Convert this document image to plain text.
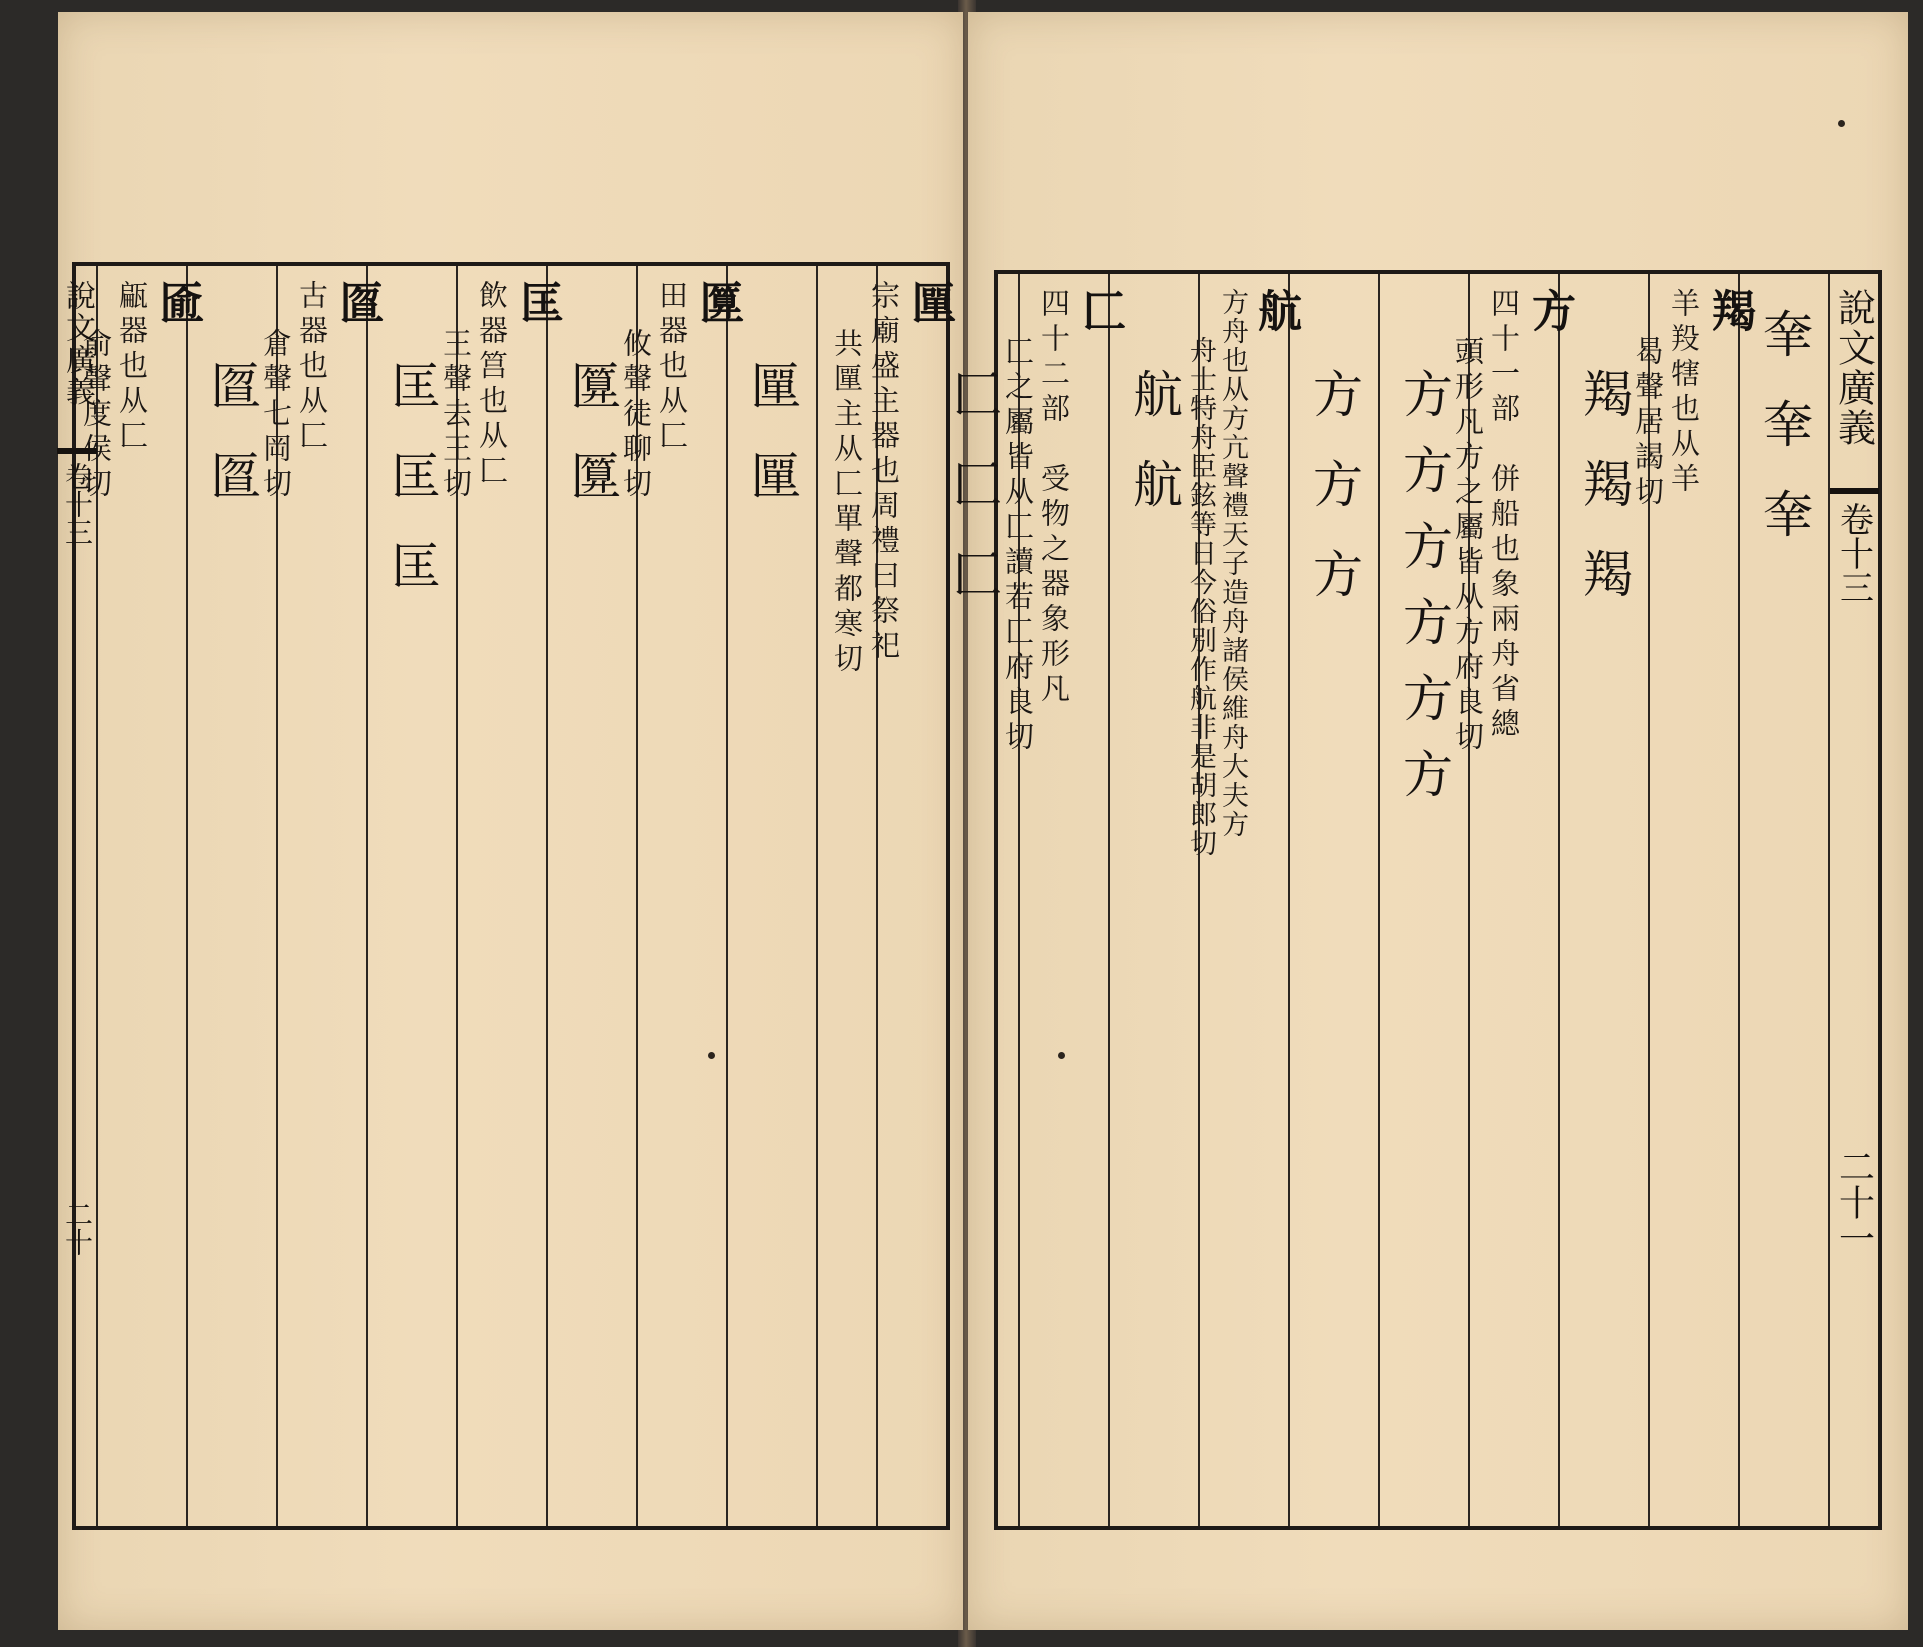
匰
宗廟盛主器也周禮曰祭祀
共匰主从匚單聲都寒切
匰匰
匴
田器也从匚
攸聲徒聊切
匴匴
匡
飲器筥也从匚
王聲去王切
匡匡匡
匫
古器也从匚
倉聲七岡切
匫匫
匬
甂器也从匚
俞聲度侯切
說文廣義
卷十三
二十
說文廣義
卷十三
二十一
羍羍羍
羯
羊羖犗也从羊
曷聲居謁切
羯羯羯
方
四十一部　併船也象兩舟省總
頭形凡方之屬皆从方府良切
方方方方方方
方方方
航
方舟也从方亢聲禮天子造舟諸侯維舟大夫方
舟士特舟臣鉉等日今俗別作航非是胡郎切
航航
匚
四十二部　受物之器象形凡
匚之屬皆从匚讀若匚府良切
匚匚匚
